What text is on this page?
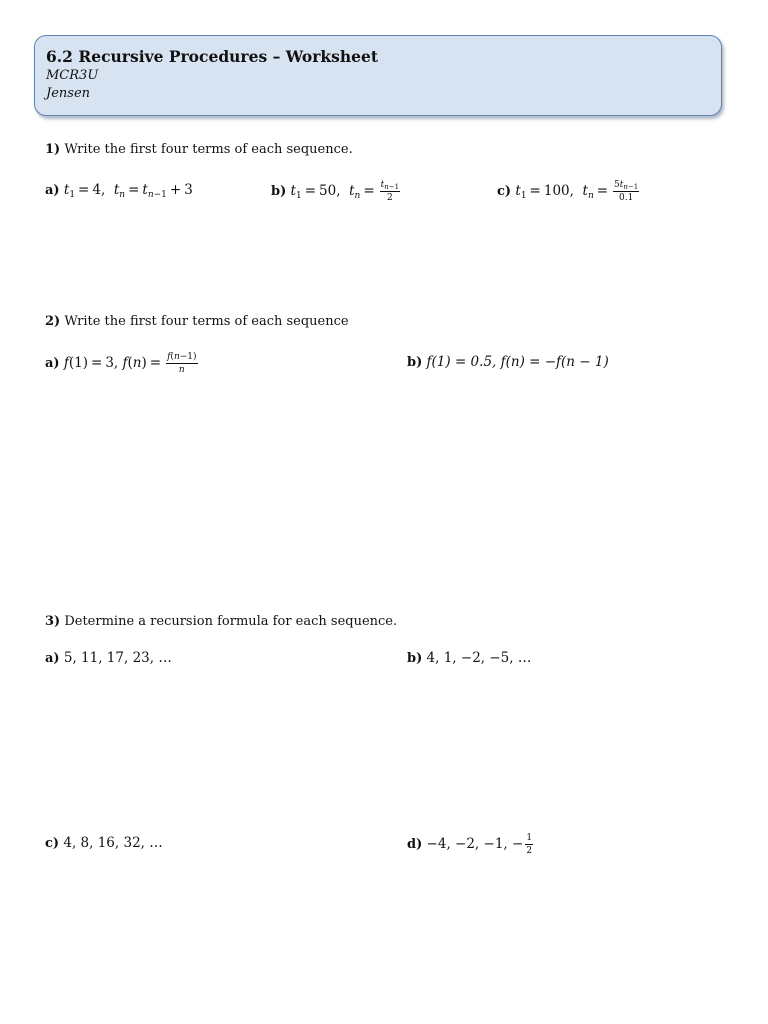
6.2 Recursive Procedures – Worksheet
MCR3U
Jensen
1) Write the first four terms of each sequence.
a) $t_1 = 4$,  $t_n = t_{n-1} + 3$	b) $t_1 = 50$,  $t_n = \frac{t_{n-1}}{2}$	c) $t_1 = 100$,  $t_n = \frac{5t_{n-1}}{0.1}$
2) Write the first four terms of each sequence
a) f(1) = 3, $f(n) = \frac{f(n-1)}{n}$	b) f(1) = 0.5, f(n) = −f(n − 1)
3) Determine a recursion formula for each sequence.
a) 5, 11, 17, 23, …	b) 4, 1, −2, −5, …
c) 4, 8, 16, 32, …	d) −4, −2, −1, − $\frac{1}{2}$
